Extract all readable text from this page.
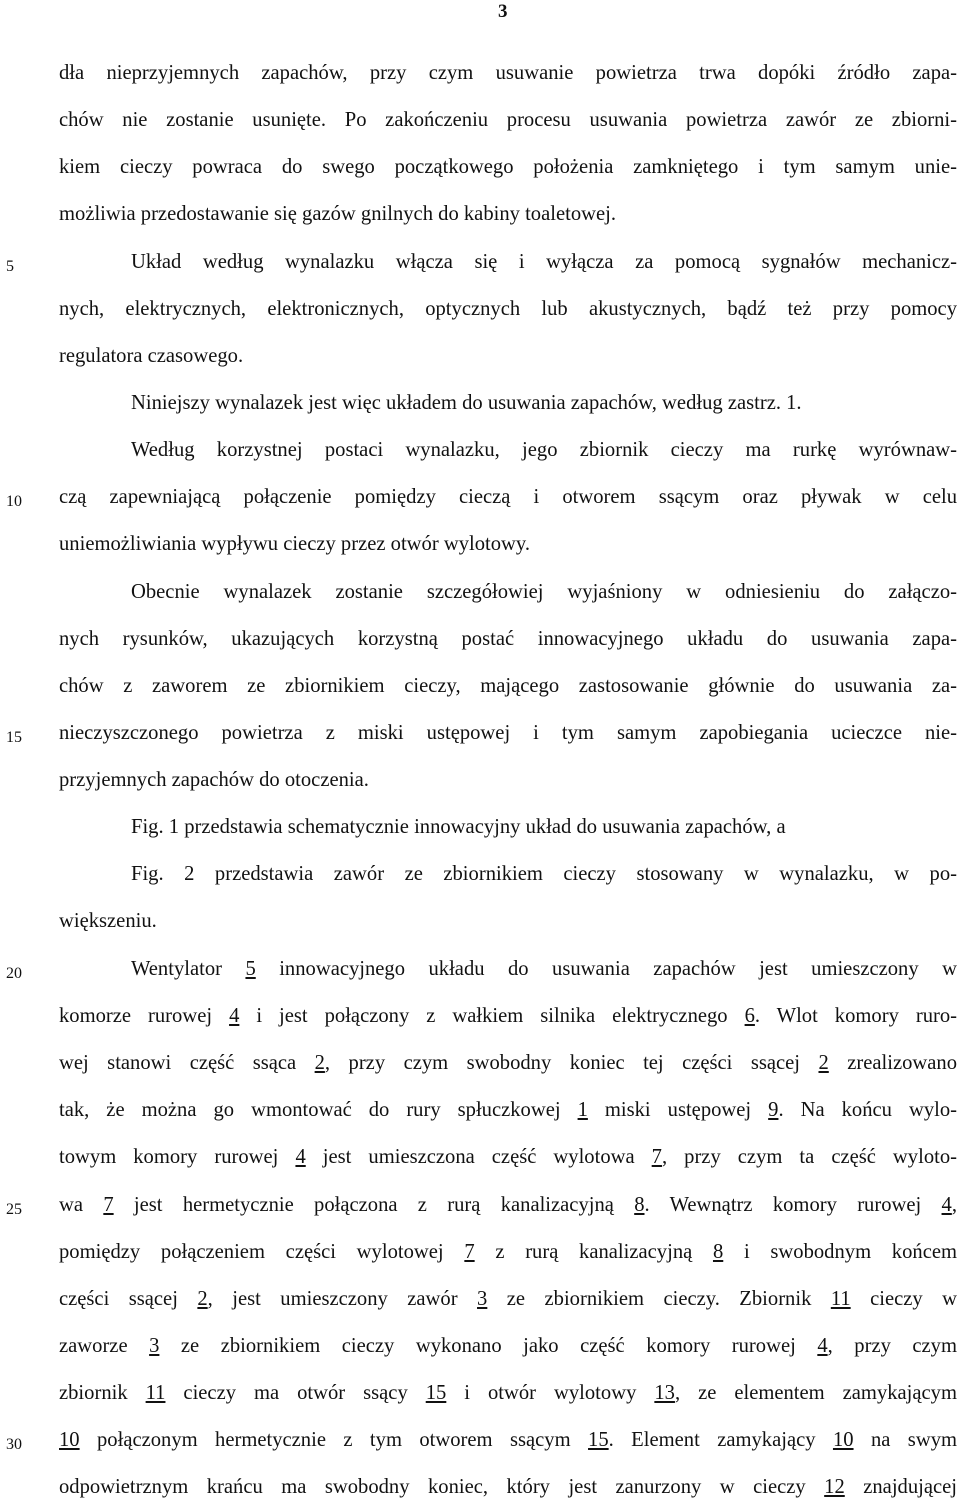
3
5
10
15
20
25
30
dła nieprzyjemnych zapachów, przy czym usuwanie powietrza trwa dopóki źródło zapa-
chów nie zostanie usunięte. Po zakończeniu procesu usuwania powietrza zawór ze zbiorni-
kiem cieczy powraca do swego początkowego położenia zamkniętego i tym samym unie-
możliwia przedostawanie się gazów gnilnych do kabiny toaletowej.
Układ według wynalazku włącza się i wyłącza za pomocą sygnałów mechanicz-
nych, elektrycznych, elektronicznych, optycznych lub akustycznych, bądź też przy pomocy
regulatora czasowego.
Niniejszy wynalazek jest więc układem do usuwania zapachów, według zastrz. 1.
Według korzystnej postaci wynalazku, jego zbiornik cieczy ma rurkę wyrównaw-
czą zapewniającą połączenie pomiędzy cieczą i otworem ssącym oraz pływak w celu
uniemożliwiania wypływu cieczy przez otwór wylotowy.
Obecnie wynalazek zostanie szczegółowiej wyjaśniony w odniesieniu do załączo-
nych rysunków, ukazujących korzystną postać innowacyjnego układu do usuwania zapa-
chów z zaworem ze zbiornikiem cieczy, mającego zastosowanie głównie do usuwania za-
nieczyszczonego powietrza z miski ustępowej i tym samym zapobiegania ucieczce nie-
przyjemnych zapachów do otoczenia.
Fig. 1 przedstawia schematycznie innowacyjny układ do usuwania zapachów, a
Fig. 2 przedstawia zawór ze zbiornikiem cieczy stosowany w wynalazku, w po-
większeniu.
Wentylator 5 innowacyjnego układu do usuwania zapachów jest umieszczony w
komorze rurowej 4 i jest połączony z wałkiem silnika elektrycznego 6. Wlot komory ruro-
wej stanowi część ssąca 2, przy czym swobodny koniec tej części ssącej 2 zrealizowano
tak, że można go wmontować do rury spłuczkowej 1 miski ustępowej 9. Na końcu wylo-
towym komory rurowej 4 jest umieszczona część wylotowa 7, przy czym ta część wyloto-
wa 7 jest hermetycznie połączona z rurą kanalizacyjną 8. Wewnątrz komory rurowej 4,
pomiędzy połączeniem części wylotowej 7 z rurą kanalizacyjną 8 i swobodnym końcem
części ssącej 2, jest umieszczony zawór 3 ze zbiornikiem cieczy. Zbiornik 11 cieczy w
zaworze 3 ze zbiornikiem cieczy wykonano jako część komory rurowej 4, przy czym
zbiornik 11 cieczy ma otwór ssący 15 i otwór wylotowy 13, ze elementem zamykającym
10 połączonym hermetycznie z tym otworem ssącym 15. Element zamykający 10 na swym
odpowietrznym krańcu ma swobodny koniec, który jest zanurzony w cieczy 12 znajdującej
